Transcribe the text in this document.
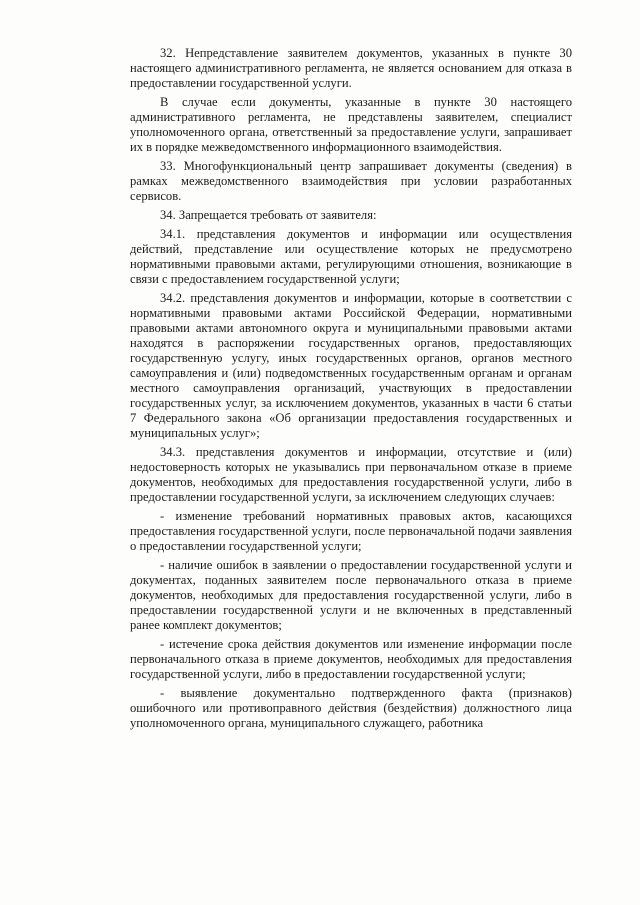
32. Непредставление заявителем документов, указанных в пункте 30 настоящего административного регламента, не является основанием для отказа в предоставлении государственной услуги.

В случае если документы, указанные в пункте 30 настоящего административного регламента, не представлены заявителем, специалист уполномоченного органа, ответственный за предоставление услуги, запрашивает их в порядке межведомственного информационного взаимодействия.

33. Многофункциональный центр запрашивает документы (сведения) в рамках межведомственного взаимодействия при условии разработанных сервисов.

34. Запрещается требовать от заявителя:

34.1. представления документов и информации или осуществления действий, представление или осуществление которых не предусмотрено нормативными правовыми актами, регулирующими отношения, возникающие в связи с предоставлением государственной услуги;

34.2. представления документов и информации, которые в соответствии с нормативными правовыми актами Российской Федерации, нормативными правовыми актами автономного округа и муниципальными правовыми актами находятся в распоряжении государственных органов, предоставляющих государственную услугу, иных государственных органов, органов местного самоуправления и (или) подведомственных государственным органам и органам местного самоуправления организаций, участвующих в предоставлении государственных услуг, за исключением документов, указанных в части 6 статьи 7 Федерального закона «Об организации предоставления государственных и муниципальных услуг»;

34.3. представления документов и информации, отсутствие и (или) недостоверность которых не указывались при первоначальном отказе в приеме документов, необходимых для предоставления государственной услуги, либо в предоставлении государственной услуги, за исключением следующих случаев:

- изменение требований нормативных правовых актов, касающихся предоставления государственной услуги, после первоначальной подачи заявления о предоставлении государственной услуги;

- наличие ошибок в заявлении о предоставлении государственной услуги и документах, поданных заявителем после первоначального отказа в приеме документов, необходимых для предоставления государственной услуги, либо в предоставлении государственной услуги и не включенных в представленный ранее комплект документов;

- истечение срока действия документов или изменение информации после первоначального отказа в приеме документов, необходимых для предоставления государственной услуги, либо в предоставлении государственной услуги;

- выявление документально подтвержденного факта (признаков) ошибочного или противоправного действия (бездействия) должностного лица уполномоченного органа, муниципального служащего, работника
